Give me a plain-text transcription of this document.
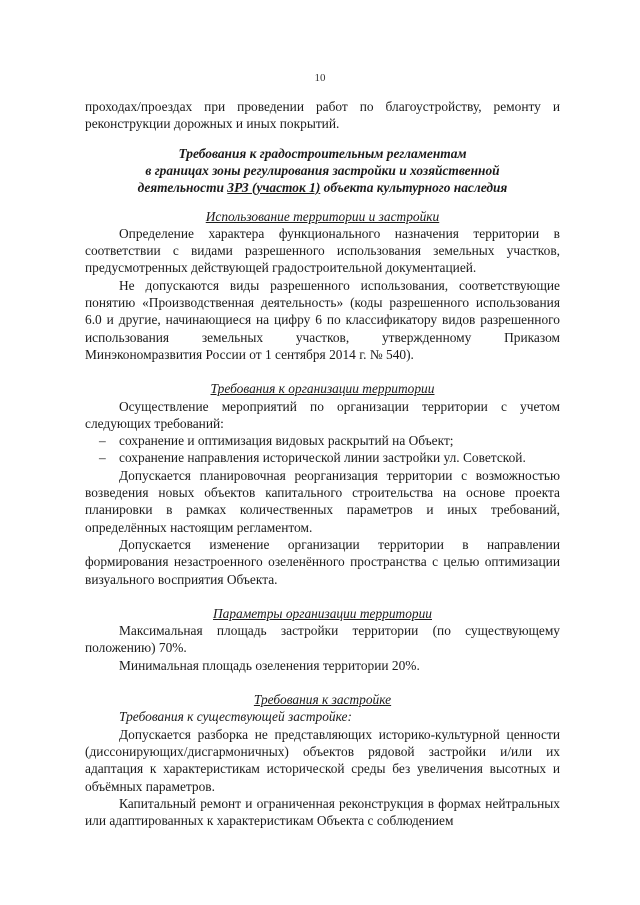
10

проходах/проездах при проведении работ по благоустройству, ремонту и реконструкции дорожных и иных покрытий.

Требования к градостроительным регламентам

в границах зоны регулирования застройки и хозяйственной

деятельности ЗРЗ (участок 1) объекта культурного наследия

Использование территории и застройки

Определение характера функционального назначения территории в соответствии с видами разрешенного использования земельных участков, предусмотренных действующей градостроительной документацией.

Не допускаются виды разрешенного использования, соответствующие понятию «Производственная деятельность» (коды разрешенного использования 6.0 и другие, начинающиеся на цифру 6 по классификатору видов разрешенного использования земельных участков, утвержденному Приказом Минэкономразвития России от 1 сентября 2014 г. № 540).

Требования к организации территории

Осуществление мероприятий по организации территории с учетом следующих требований:

– сохранение и оптимизация видовых раскрытий на Объект;
– сохранение направления исторической линии застройки ул. Советской.

Допускается планировочная реорганизация территории с возможностью возведения новых объектов капитального строительства на основе проекта планировки в рамках количественных параметров и иных требований, определённых настоящим регламентом.

Допускается изменение организации территории в направлении формирования незастроенного озеленённого пространства с целью оптимизации визуального восприятия Объекта.

Параметры организации территории

Максимальная площадь застройки территории (по существующему положению) 70%.

Минимальная площадь озеленения территории 20%.

Требования к застройке

Требования к существующей застройке:

Допускается разборка не представляющих историко-культурной ценности (диссонирующих/дисгармоничных) объектов рядовой застройки и/или их адаптация к характеристикам исторической среды без увеличения высотных и объёмных параметров.

Капитальный ремонт и ограниченная реконструкция в формах нейтральных или адаптированных к характеристикам Объекта с соблюдением
